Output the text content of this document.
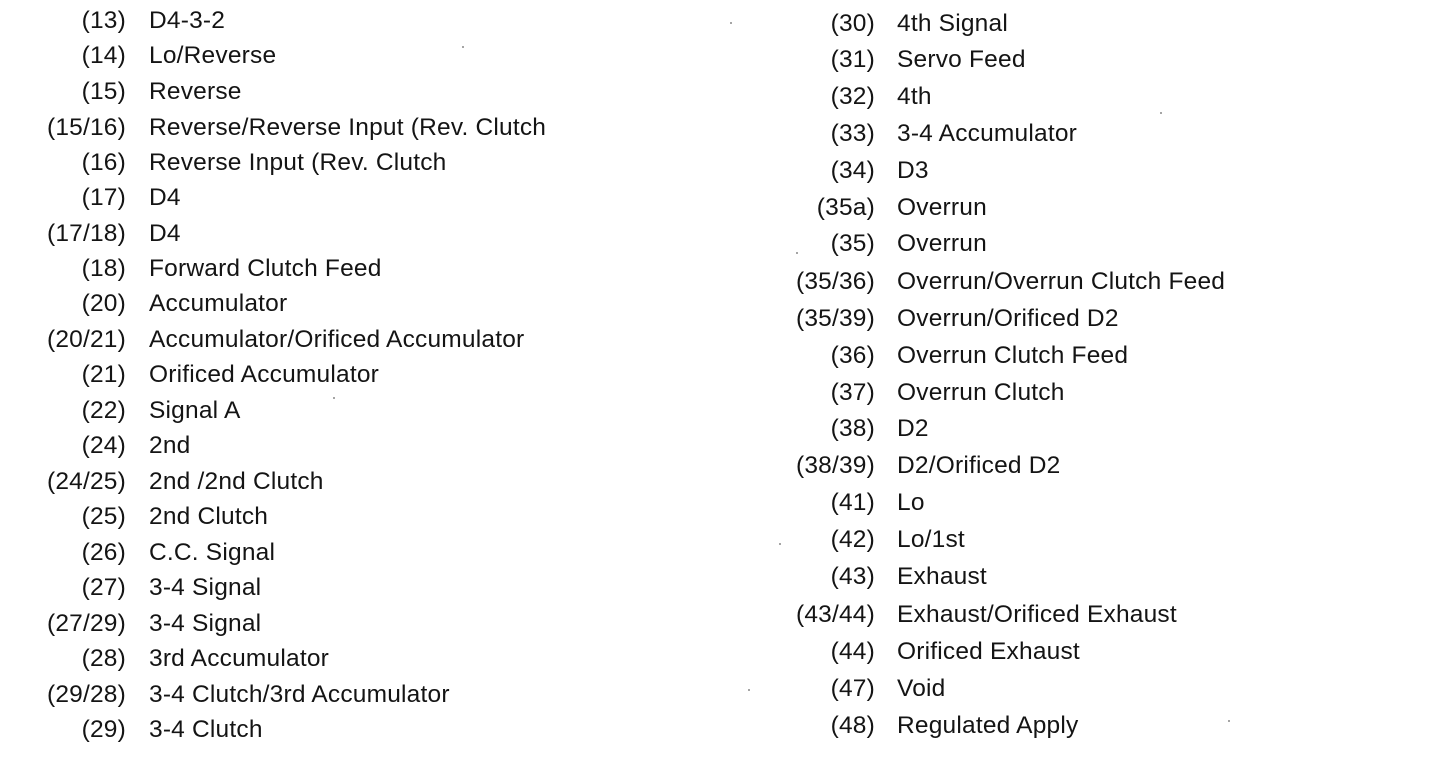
(13) D4-3-2
(14) Lo/Reverse
(15) Reverse
(15/16) Reverse/Reverse Input (Rev. Clutch
(16) Reverse Input (Rev. Clutch
(17) D4
(17/18) D4
(18) Forward Clutch Feed
(20) Accumulator
(20/21) Accumulator/Orificed Accumulator
(21) Orificed Accumulator
(22) Signal A
(24) 2nd
(24/25) 2nd /2nd Clutch
(25) 2nd Clutch
(26) C.C. Signal
(27) 3-4 Signal
(27/29) 3-4 Signal
(28) 3rd Accumulator
(29/28) 3-4 Clutch/3rd Accumulator
(29) 3-4 Clutch
(30) 4th Signal
(31) Servo Feed
(32) 4th
(33) 3-4 Accumulator
(34) D3
(35a) Overrun
(35) Overrun
(35/36) Overrun/Overrun Clutch Feed
(35/39) Overrun/Orificed D2
(36) Overrun Clutch Feed
(37) Overrun Clutch
(38) D2
(38/39) D2/Orificed D2
(41) Lo
(42) Lo/1st
(43) Exhaust
(43/44) Exhaust/Orificed Exhaust
(44) Orificed Exhaust
(47) Void
(48) Regulated Apply
